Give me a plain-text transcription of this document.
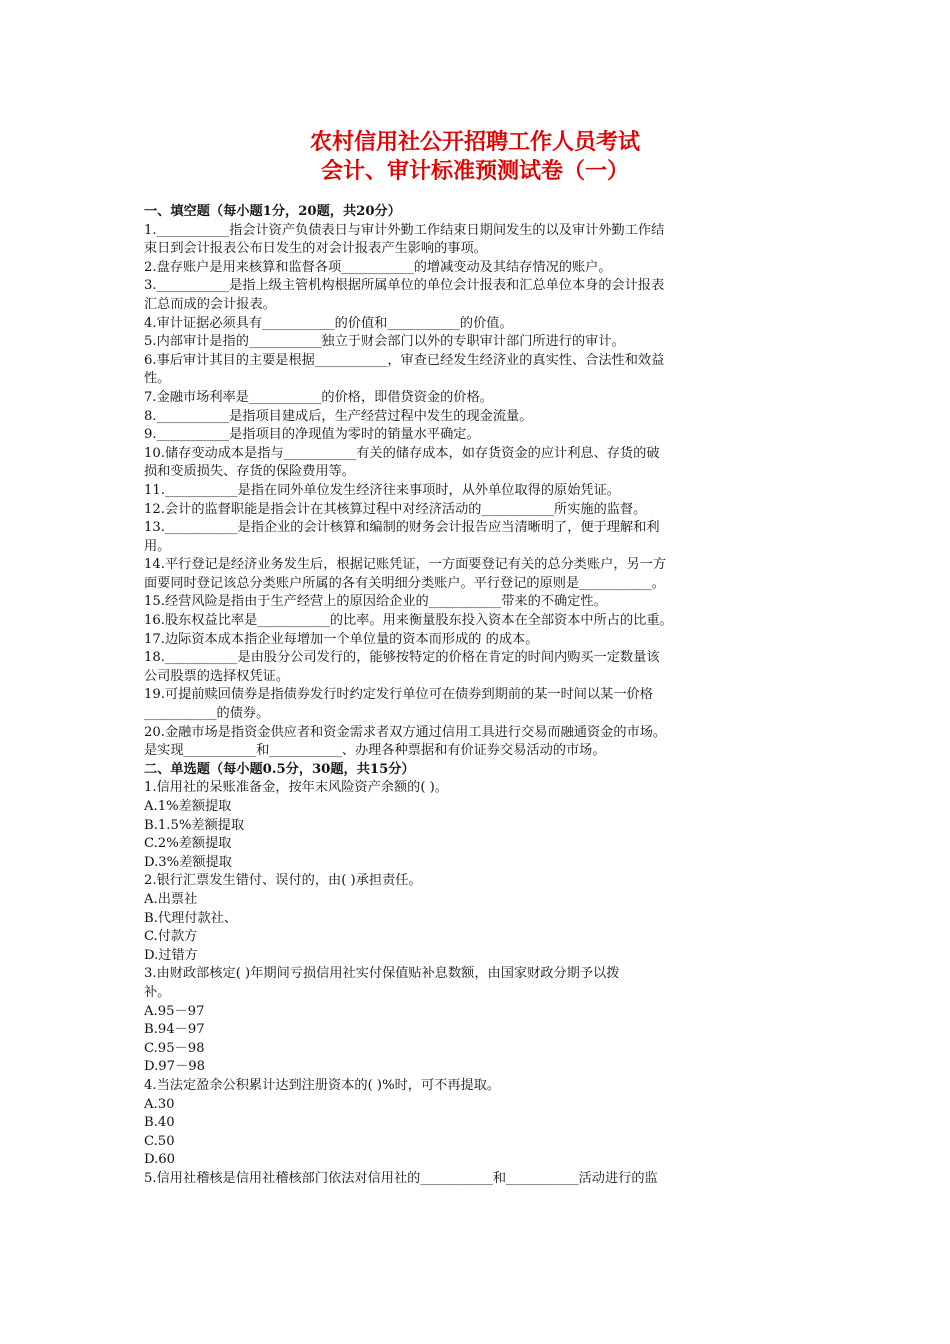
农村信用社公开招聘工作人员考试
会计、审计标准预测试卷（一）
一、填空题（每小题1分，20题，共20分）
1.___________指会计资产负债表日与审计外勤工作结束日期间发生的以及审计外勤工作结
束日到会计报表公布日发生的对会计报表产生影响的事项。
2.盘存账户是用来核算和监督各项___________的增减变动及其结存情况的账户。
3.___________是指上级主管机构根据所属单位的单位会计报表和汇总单位本身的会计报表
汇总而成的会计报表。
4.审计证据必须具有___________的价值和___________的价值。
5.内部审计是指的___________独立于财会部门以外的专职审计部门所进行的审计。
6.事后审计其目的主要是根据___________，审查已经发生经济业的真实性、合法性和效益
性。
7.金融市场利率是___________的价格，即借贷资金的价格。
8.___________是指项目建成后，生产经营过程中发生的现金流量。
9.___________是指项目的净现值为零时的销量水平确定。
10.储存变动成本是指与___________有关的储存成本，如存货资金的应计利息、存货的破
损和变质损失、存货的保险费用等。
11.___________是指在同外单位发生经济往来事项时，从外单位取得的原始凭证。
12.会计的监督职能是指会计在其核算过程中对经济活动的___________所实施的监督。
13.___________是指企业的会计核算和编制的财务会计报告应当清晰明了，便于理解和利
用。
14.平行登记是经济业务发生后，根据记账凭证，一方面要登记有关的总分类账户，另一方
面要同时登记该总分类账户所属的各有关明细分类账户。平行登记的原则是___________。
15.经营风险是指由于生产经营上的原因给企业的___________带来的不确定性。
16.股东权益比率是___________的比率。用来衡量股东投入资本在全部资本中所占的比重。
17.边际资本成本指企业每增加一个单位量的资本而形成的 的成本。
18.___________是由股分公司发行的，能够按特定的价格在肯定的时间内购买一定数量该
公司股票的选择权凭证。
19.可提前赎回债券是指债券发行时约定发行单位可在债券到期前的某一时间以某一价格
___________的债券。
20.金融市场是指资金供应者和资金需求者双方通过信用工具进行交易而融通资金的市场。
是实现___________和___________、办理各种票据和有价证券交易活动的市场。
二、单选题（每小题0.5分，30题，共15分）
1.信用社的呆账准备金，按年末风险资产余额的( )。
A.1%差额提取
B.1.5%差额提取
C.2%差额提取
D.3%差额提取
2.银行汇票发生错付、误付的，由( )承担责任。
A.出票社
B.代理付款社、
C.付款方
D.过错方
3.由财政部核定( )年期间亏损信用社实付保值贴补息数额，由国家财政分期予以拨
补。
A.95－97
B.94－97
C.95－98
D.97－98
4.当法定盈余公积累计达到注册资本的( )%时，可不再提取。
A.30
B.40
C.50
D.60
5.信用社稽核是信用社稽核部门依法对信用社的___________和___________活动进行的监
